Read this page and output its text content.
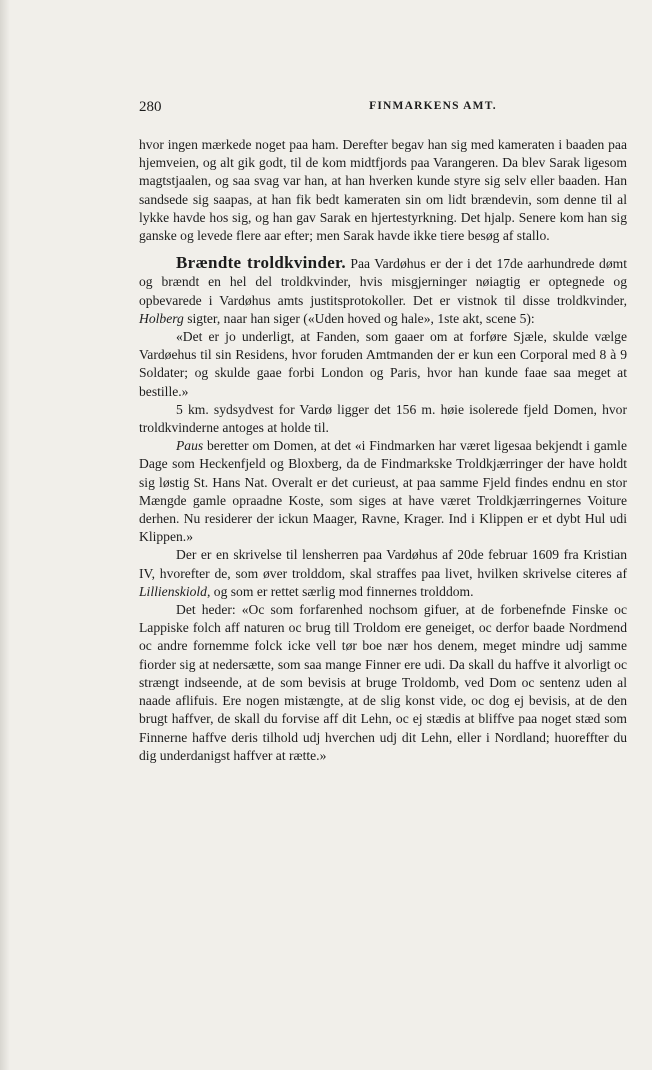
280	FINMARKENS AMT.

hvor ingen mærkede noget paa ham. Derefter begav han sig med kameraten i baaden paa hjemveien, og alt gik godt, til de kom midtfjords paa Varangeren. Da blev Sarak ligesom magtstjaalen, og saa svag var han, at han hverken kunde styre sig selv eller baaden. Han sandsede sig saapas, at han fik bedt kameraten sin om lidt brændevin, som denne til al lykke havde hos sig, og han gav Sarak en hjertestyrkning. Det hjalp. Senere kom han sig ganske og levede flere aar efter; men Sarak havde ikke tiere besøg af stallo.

Brændte troldkvinder. Paa Vardøhus er der i det 17de aarhundrede dømt og brændt en hel del troldkvinder, hvis misgjerninger nøiagtig er optegnede og opbevarede i Vardøhus amts justitsprotokoller. Det er vistnok til disse troldkvinder, Holberg sigter, naar han siger («Uden hoved og hale», 1ste akt, scene 5):

«Det er jo underligt, at Fanden, som gaaer om at forføre Sjæle, skulde vælge Vardøehus til sin Residens, hvor foruden Amtmanden der er kun een Corporal med 8 à 9 Soldater; og skulde gaae forbi London og Paris, hvor han kunde faae saa meget at bestille.»

5 km. sydsydvest for Vardø ligger det 156 m. høie isolerede fjeld Domen, hvor troldkvinderne antoges at holde til.

Paus beretter om Domen, at det «i Findmarken har været ligesaa bekjendt i gamle Dage som Heckenfjeld og Bloxberg, da de Findmarkske Troldkjærringer der have holdt sig løstig St. Hans Nat. Overalt er det curieust, at paa samme Fjeld findes endnu en stor Mængde gamle opraadne Koste, som siges at have været Troldkjærringernes Voiture derhen. Nu residerer der ickun Maager, Ravne, Krager. Ind i Klippen er et dybt Hul udi Klippen.»

Der er en skrivelse til lensherren paa Vardøhus af 20de februar 1609 fra Kristian IV, hvorefter de, som øver trolddom, skal straffes paa livet, hvilken skrivelse citeres af Lillienskiold, og som er rettet særlig mod finnernes trolddom.

Det heder: «Oc som forfarenhed nochsom gifuer, at de forbenefnde Finske oc Lappiske folch aff naturen oc brug till Troldom ere geneiget, oc derfor baade Nordmend oc andre fornemme folck icke vell tør boe nær hos denem, meget mindre udj samme fiorder sig at nedersætte, som saa mange Finner ere udi. Da skall du haffve it alvorligt oc strængt indseende, at de som bevisis at bruge Troldomb, ved Dom oc sentenz uden al naade aflifuis. Ere nogen mistængte, at de slig konst vide, oc dog ej bevisis, at de den brugt haffver, de skall du forvise aff dit Lehn, oc ej stædis at bliffve paa noget stæd som Finnerne haffve deris tilhold udj hverchen udj dit Lehn, eller i Nordland; huoreffter du dig underdanigst haffver at rætte.»
